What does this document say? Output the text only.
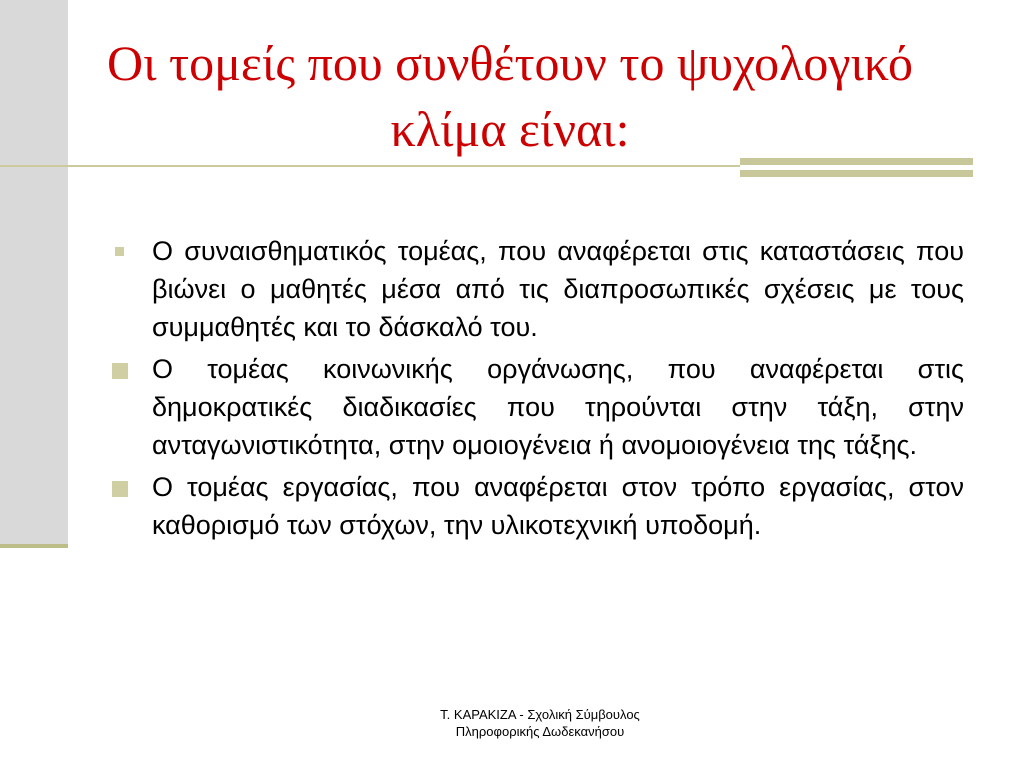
Οι τομείς που συνθέτουν το ψυχολογικό κλίμα είναι:
Ο συναισθηματικός τομέας, που αναφέρεται στις καταστάσεις που βιώνει ο μαθητές μέσα από τις διαπροσωπικές σχέσεις με τους συμμαθητές και το δάσκαλό του.
Ο τομέας κοινωνικής οργάνωσης, που αναφέρεται στις δημοκρατικές διαδικασίες που τηρούνται στην τάξη, στην ανταγωνιστικότητα, στην ομοιογένεια ή ανομοιογένεια της τάξης.
Ο τομέας εργασίας, που αναφέρεται στον τρόπο εργασίας, στον καθορισμό των στόχων, την υλικοτεχνική υποδομή.
Τ. ΚΑΡΑΚΙΖΑ - Σχολική Σύμβουλος
Πληροφορικής Δωδεκανήσου
